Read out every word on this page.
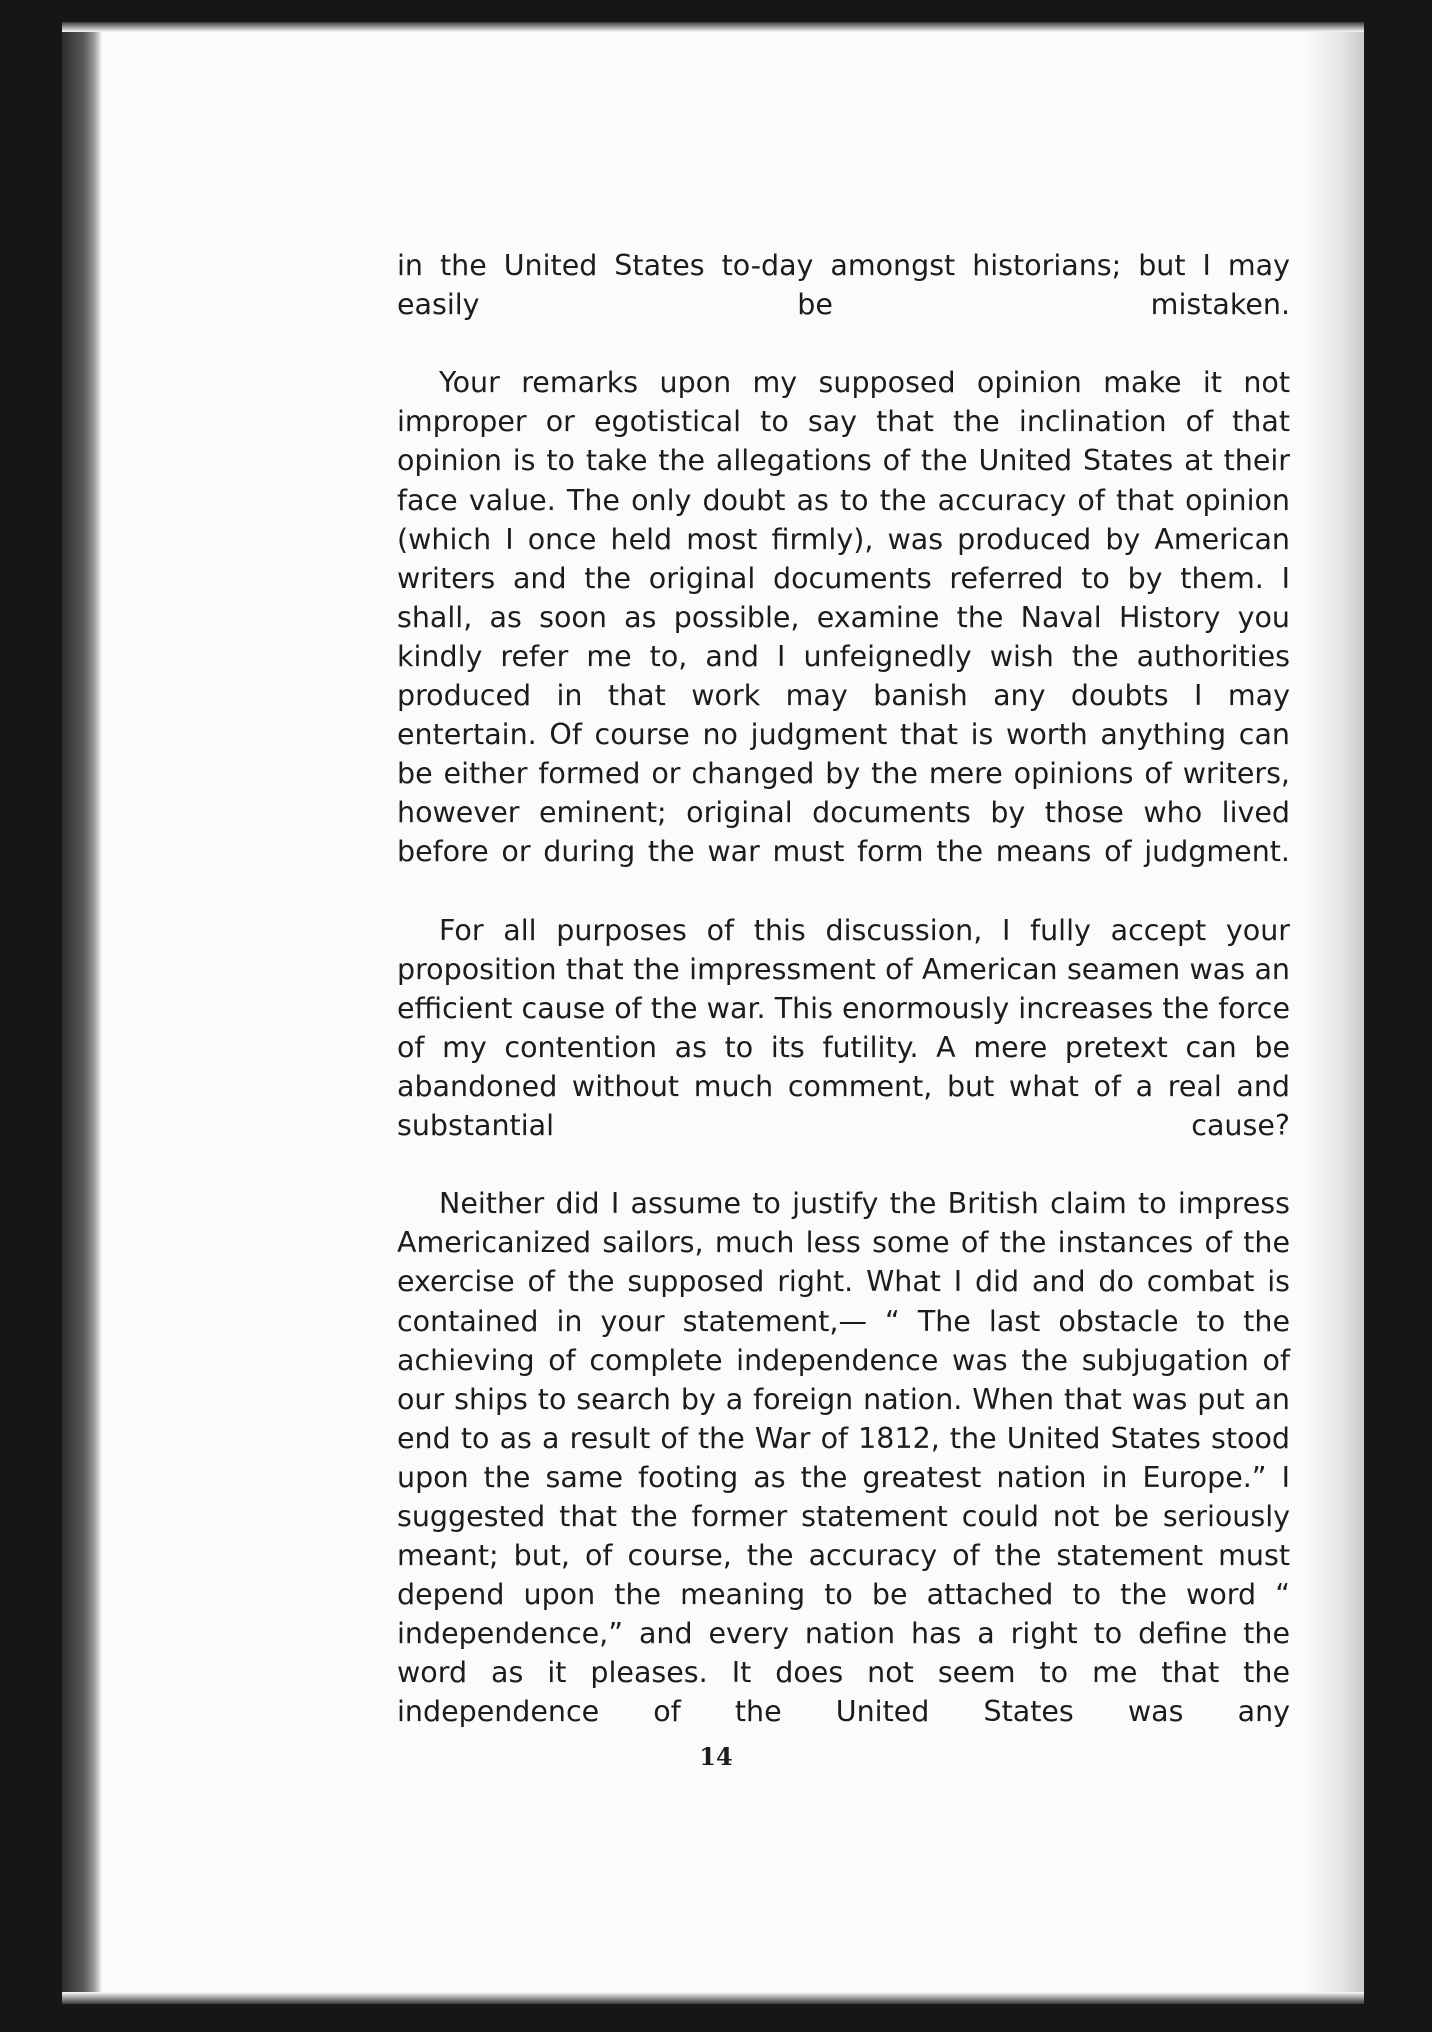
in the United States to-day amongst historians; but I may easily be mistaken.

Your remarks upon my supposed opinion make it not improper or egotistical to say that the inclination of that opinion is to take the allegations of the United States at their face value. The only doubt as to the accuracy of that opinion (which I once held most firmly), was produced by American writers and the original documents referred to by them. I shall, as soon as possible, examine the Naval History you kindly refer me to, and I unfeignedly wish the authorities produced in that work may banish any doubts I may entertain. Of course no judgment that is worth anything can be either formed or changed by the mere opinions of writers, however eminent; original documents by those who lived before or during the war must form the means of judgment.

For all purposes of this discussion, I fully accept your proposition that the impressment of American seamen was an efficient cause of the war. This enormously increases the force of my contention as to its futility. A mere pretext can be abandoned without much comment, but what of a real and substantial cause?

Neither did I assume to justify the British claim to impress Americanized sailors, much less some of the instances of the exercise of the supposed right. What I did and do combat is contained in your statement,— “ The last obstacle to the achieving of complete independence was the subjugation of our ships to search by a foreign nation. When that was put an end to as a result of the War of 1812, the United States stood upon the same footing as the greatest nation in Europe.” I suggested that the former statement could not be seriously meant; but, of course, the accuracy of the statement must depend upon the meaning to be attached to the word “ independence,” and every nation has a right to define the word as it pleases. It does not seem to me that the independence of the United States was any

14
